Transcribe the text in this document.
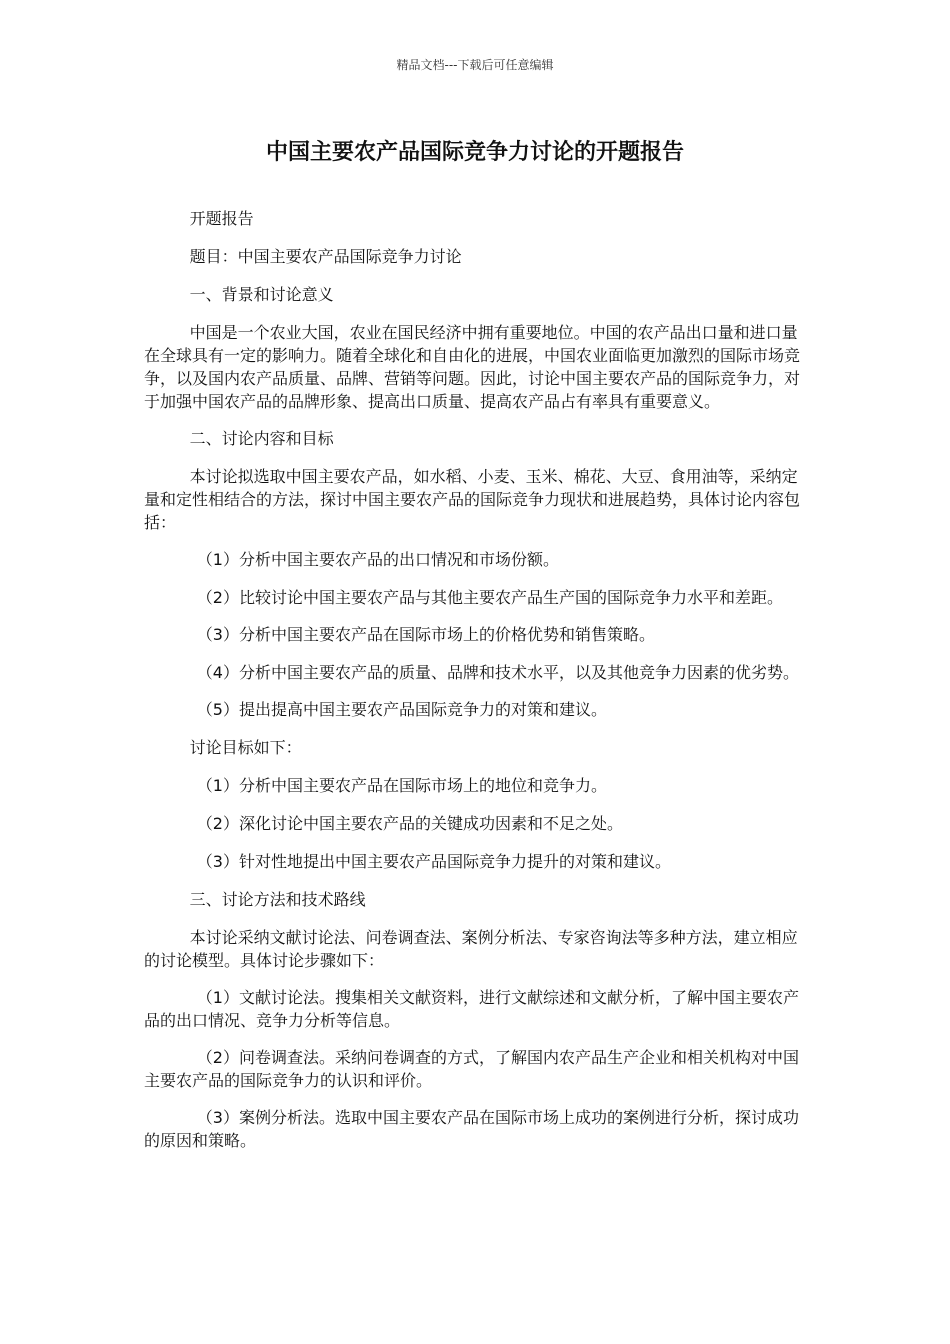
精品文档---下载后可任意编辑
中国主要农产品国际竞争力讨论的开题报告

开题报告

题目：中国主要农产品国际竞争力讨论

一、背景和讨论意义

中国是一个农业大国，农业在国民经济中拥有重要地位。中国的农产品出口量和进口量在全球具有一定的影响力。随着全球化和自由化的进展，中国农业面临更加激烈的国际市场竞争，以及国内农产品质量、品牌、营销等问题。因此，讨论中国主要农产品的国际竞争力，对于加强中国农产品的品牌形象、提高出口质量、提高农产品占有率具有重要意义。

二、讨论内容和目标

本讨论拟选取中国主要农产品，如水稻、小麦、玉米、棉花、大豆、食用油等，采纳定量和定性相结合的方法，探讨中国主要农产品的国际竞争力现状和进展趋势，具体讨论内容包括：

（1）分析中国主要农产品的出口情况和市场份额。

（2）比较讨论中国主要农产品与其他主要农产品生产国的国际竞争力水平和差距。

（3）分析中国主要农产品在国际市场上的价格优势和销售策略。

（4）分析中国主要农产品的质量、品牌和技术水平，以及其他竞争力因素的优劣势。

（5）提出提高中国主要农产品国际竞争力的对策和建议。

讨论目标如下：

（1）分析中国主要农产品在国际市场上的地位和竞争力。

（2）深化讨论中国主要农产品的关键成功因素和不足之处。

（3）针对性地提出中国主要农产品国际竞争力提升的对策和建议。

三、讨论方法和技术路线

本讨论采纳文献讨论法、问卷调查法、案例分析法、专家咨询法等多种方法，建立相应的讨论模型。具体讨论步骤如下：

（1）文献讨论法。搜集相关文献资料，进行文献综述和文献分析，了解中国主要农产品的出口情况、竞争力分析等信息。

（2）问卷调查法。采纳问卷调查的方式，了解国内农产品生产企业和相关机构对中国主要农产品的国际竞争力的认识和评价。

（3）案例分析法。选取中国主要农产品在国际市场上成功的案例进行分析，探讨成功的原因和策略。
